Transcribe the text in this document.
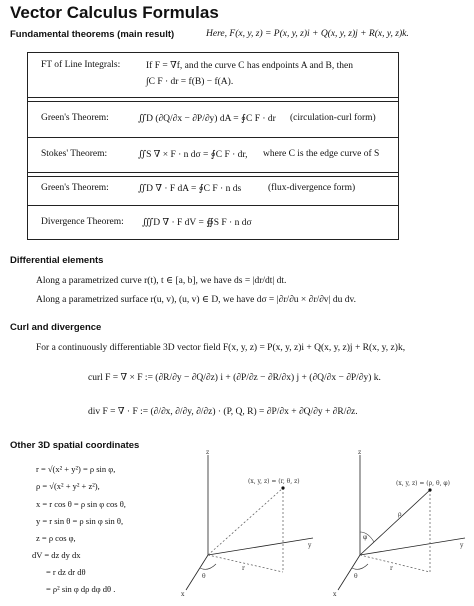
Vector Calculus Formulas
Fundamental theorems (main result)	Here, F(x, y, z) = P(x, y, z)i + Q(x, y, z)j + R(x, y, z)k.
FT of Line Integrals:	If F = ∇f, and the curve C has endpoints A and B, then
∫C F · dr = f(B) − f(A).
Green's Theorem:	∬D (∂Q/∂x − ∂P/∂y) dA = ∮C F · dr (circulation-curl form)
Stokes' Theorem:	∬S ∇ × F · n dσ = ∮C F · dr, where C is the edge curve of S
Green's Theorem:	∬D ∇ · F dA = ∮C F · n ds	(flux-divergence form)
Divergence Theorem: ∭D ∇ · F dV = ∯S F · n dσ
Differential elements
Along a parametrized curve r(t), t ∈ [a, b], we have ds = |dr/dt| dt.
Along a parametrized surface r(u, v), (u, v) ∈ D, we have dσ = |∂r/∂u × ∂r/∂v| du dv.
Curl and divergence
For a continuously differentiable 3D vector field F(x, y, z) = P(x, y, z)i + Q(x, y, z)j + R(x, y, z)k,
curl F = ∇ × F := (∂R/∂y − ∂Q/∂z) i + (∂P/∂z − ∂R/∂x) j + (∂Q/∂x − ∂P/∂y) k.
div F = ∇ · F := (∂/∂x, ∂/∂y, ∂/∂z) · (P, Q, R) = ∂P/∂x + ∂Q/∂y + ∂R/∂z.
Other 3D spatial coordinates
r = √(x² + y²) = ρ sin φ,
ρ = √(x² + y² + z²),
x = r cos θ = ρ sin φ cos θ,
y = r sin θ = ρ sin φ sin θ,
z = ρ cos φ,
dV = dz dy dx
= r dz dr dθ
= ρ² sin φ dρ dφ dθ .
z
y
x
(x, y, z) = (r, θ, z)
θ
r
z
y
x
(x, y, z) = (ρ, θ, φ)
φ
ρ
θ
r
